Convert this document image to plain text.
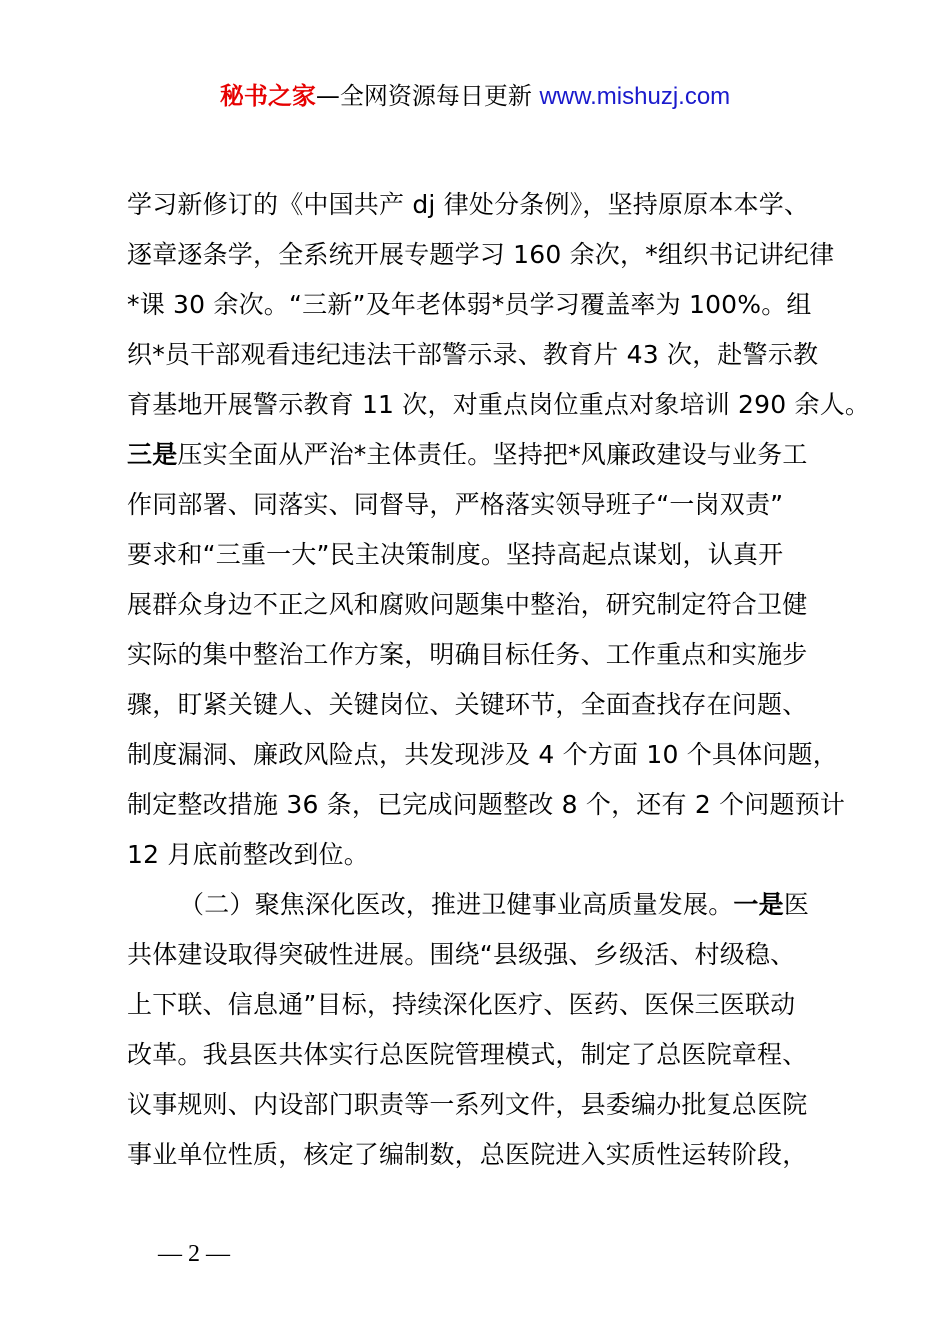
秘书之家—全网资源每日更新 www.mishuzj.com
学习新修订的《中国共产 dj 律处分条例》，坚持原原本本学、
逐章逐条学，全系统开展专题学习 160 余次，*组织书记讲纪律
*课 30 余次。“三新”及年老体弱*员学习覆盖率为 100%。组
织*员干部观看违纪违法干部警示录、教育片 43 次，赴警示教
育基地开展警示教育 11 次，对重点岗位重点对象培训 290 余人。
三是压实全面从严治*主体责任。坚持把*风廉政建设与业务工
作同部署、同落实、同督导，严格落实领导班子“一岗双责”
要求和“三重一大”民主决策制度。坚持高起点谋划，认真开
展群众身边不正之风和腐败问题集中整治，研究制定符合卫健
实际的集中整治工作方案，明确目标任务、工作重点和实施步
骤，盯紧关键人、关键岗位、关键环节，全面查找存在问题、
制度漏洞、廉政风险点，共发现涉及 4 个方面 10 个具体问题，
制定整改措施 36 条，已完成问题整改 8 个，还有 2 个问题预计
12 月底前整改到位。
（二）聚焦深化医改，推进卫健事业高质量发展。一是医
共体建设取得突破性进展。围绕“县级强、乡级活、村级稳、
上下联、信息通”目标，持续深化医疗、医药、医保三医联动
改革。我县医共体实行总医院管理模式，制定了总医院章程、
议事规则、内设部门职责等一系列文件，县委编办批复总医院
事业单位性质，核定了编制数，总医院进入实质性运转阶段，
— 2 —
